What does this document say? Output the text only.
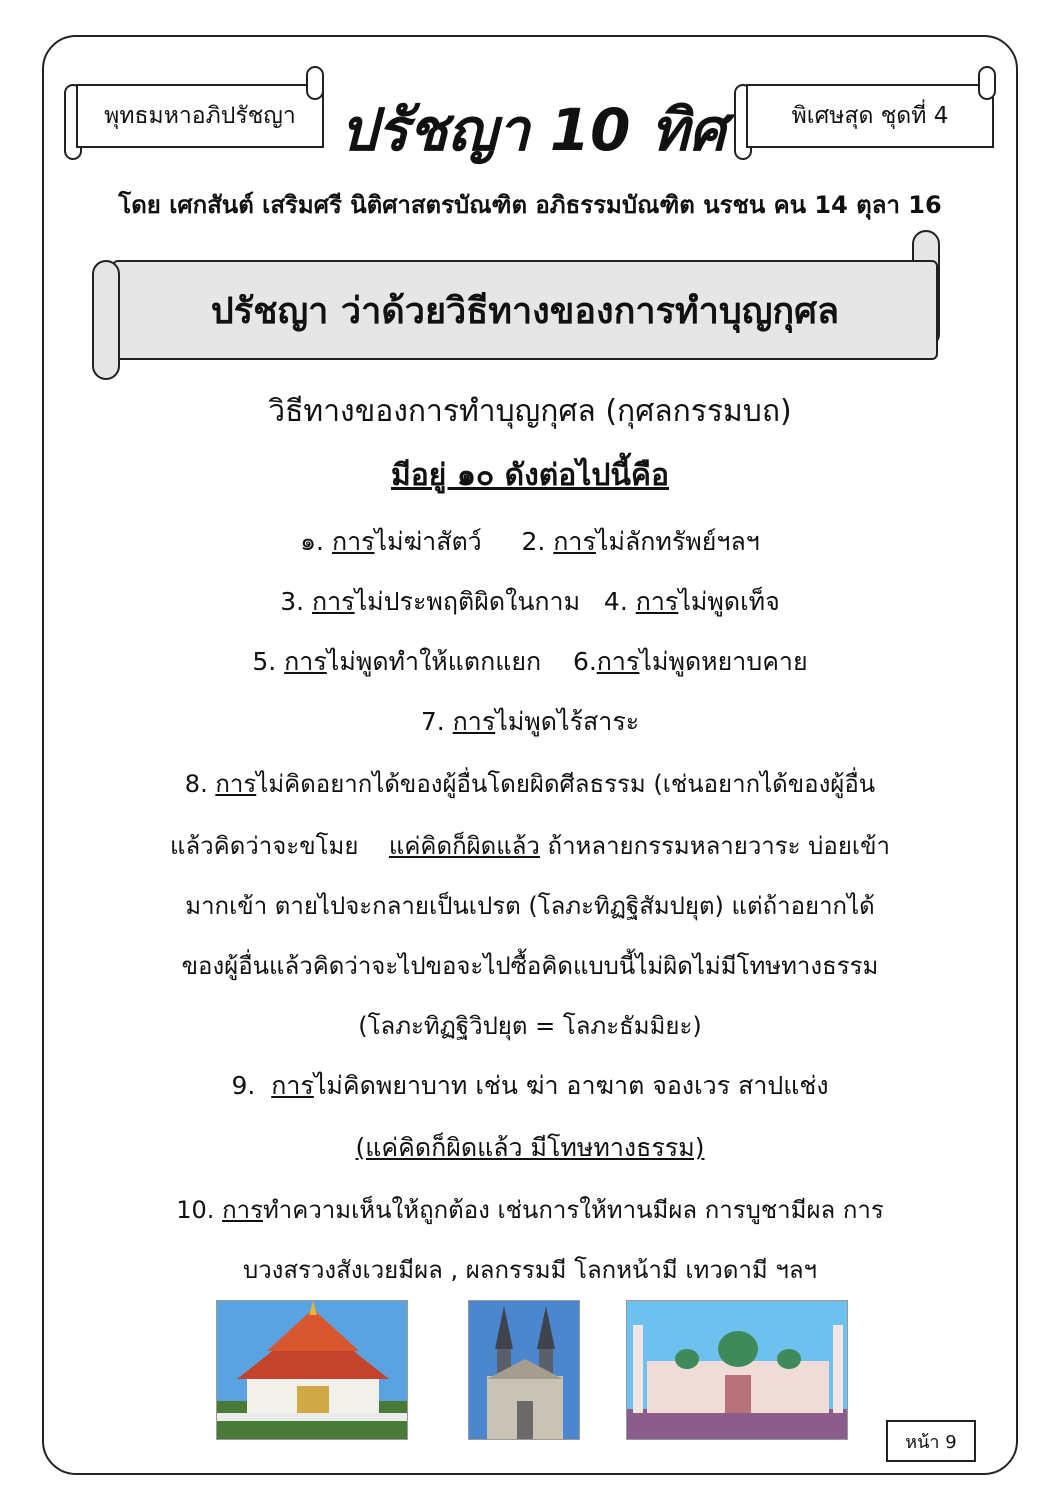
พุทธมหาอภิปรัชญา ปรัชญา 10 ทิศ	พิเศษสุด ชุดที่ 4
โดย เศกสันต์ เสริมศรี นิติศาสตรบัณฑิต อภิธรรมบัณฑิต นรชน คน 14 ตุลา 16
ปรัชญา ว่าด้วยวิธีทางของการทำบุญกุศล
วิธีทางของการทำบุญกุศล (กุศลกรรมบถ)
มีอยู่ ๑๐ ดังต่อไปนี้คือ
๑. การไม่ฆ่าสัตว์ 2. การไม่ลักทรัพย์ฯลฯ
3. การไม่ประพฤติผิดในกาม 4. การไม่พูดเท็จ
5. การไม่พูดทำให้แตกแยก 6.การไม่พูดหยาบคาย
7. การไม่พูดไร้สาระ
8. การไม่คิดอยากได้ของผู้อื่นโดยผิดศีลธรรม (เช่นอยากได้ของผู้อื่น
แล้วคิดว่าจะขโมย แค่คิดก็ผิดแล้ว ถ้าหลายกรรมหลายวาระ บ่อยเข้า
มากเข้า ตายไปจะกลายเป็นเปรต (โลภะทิฏฐิสัมปยุต) แต่ถ้าอยากได้
ของผู้อื่นแล้วคิดว่าจะไปขอจะไปซื้อคิดแบบนี้ไม่ผิดไม่มีโทษทางธรรม
(โลภะทิฏฐิวิปยุต = โลภะธัมมิยะ)
9. การไม่คิดพยาบาท เช่น ฆ่า อาฆาต จองเวร สาปแช่ง
(แค่คิดก็ผิดแล้ว มีโทษทางธรรม)
10. การทำความเห็นให้ถูกต้อง เช่นการให้ทานมีผล การบูชามีผล การ
บวงสรวงสังเวยมีผล , ผลกรรมมี โลกหน้ามี เทวดามี ฯลฯ
หน้า 9
